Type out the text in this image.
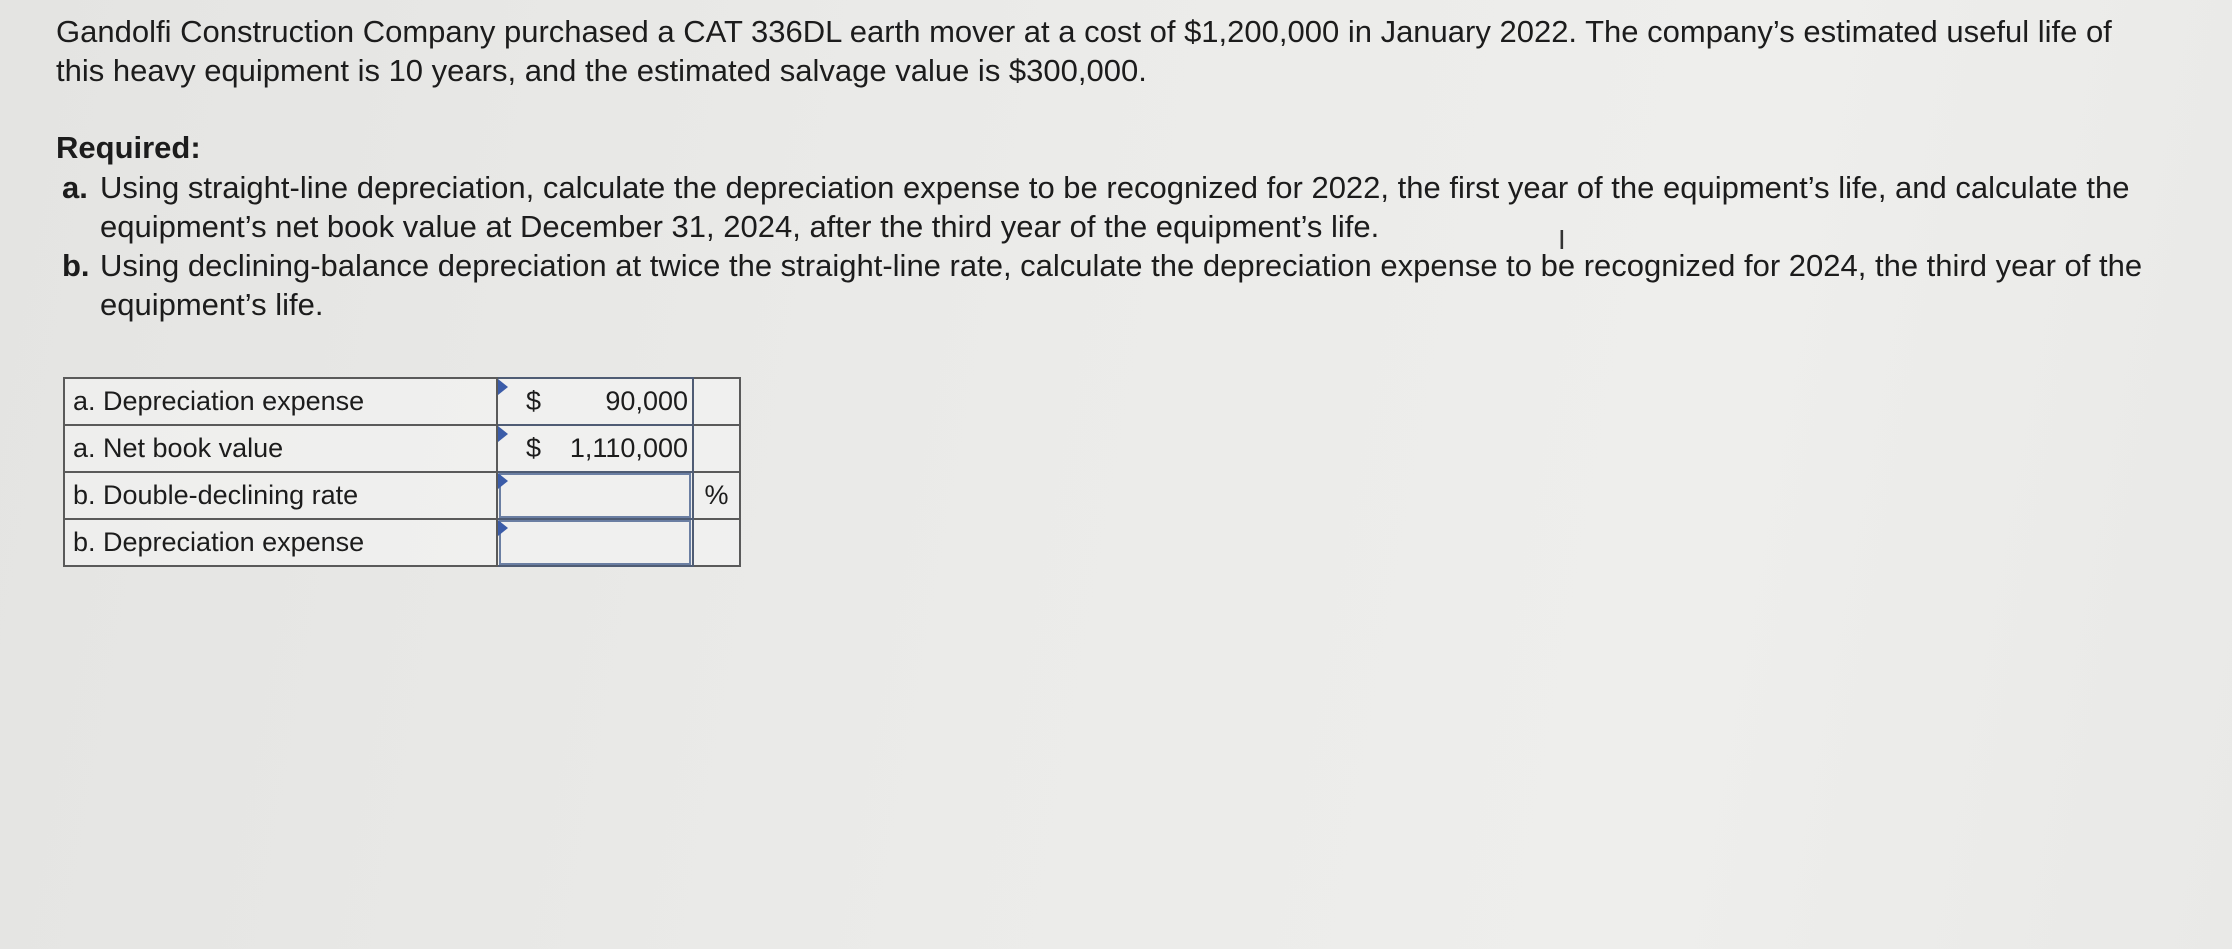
Gandolfi Construction Company purchased a CAT 336DL earth mover at a cost of $1,200,000 in January 2022. The company’s estimated useful life of this heavy equipment is 10 years, and the estimated salvage value is $300,000.

Required:

a. Using straight-line depreciation, calculate the depreciation expense to be recognized for 2022, the first year of the equipment’s life, and calculate the equipment’s net book value at December 31, 2024, after the third year of the equipment’s life.
b. Using declining-balance depreciation at twice the straight-line rate, calculate the depreciation expense to be recognized for 2024, the third year of the equipment’s life.
a. Depreciation expense	$ 90,000	

a. Net book value	$ 1,110,000	

b. Double-declining rate		%
b. Depreciation expense	

I
